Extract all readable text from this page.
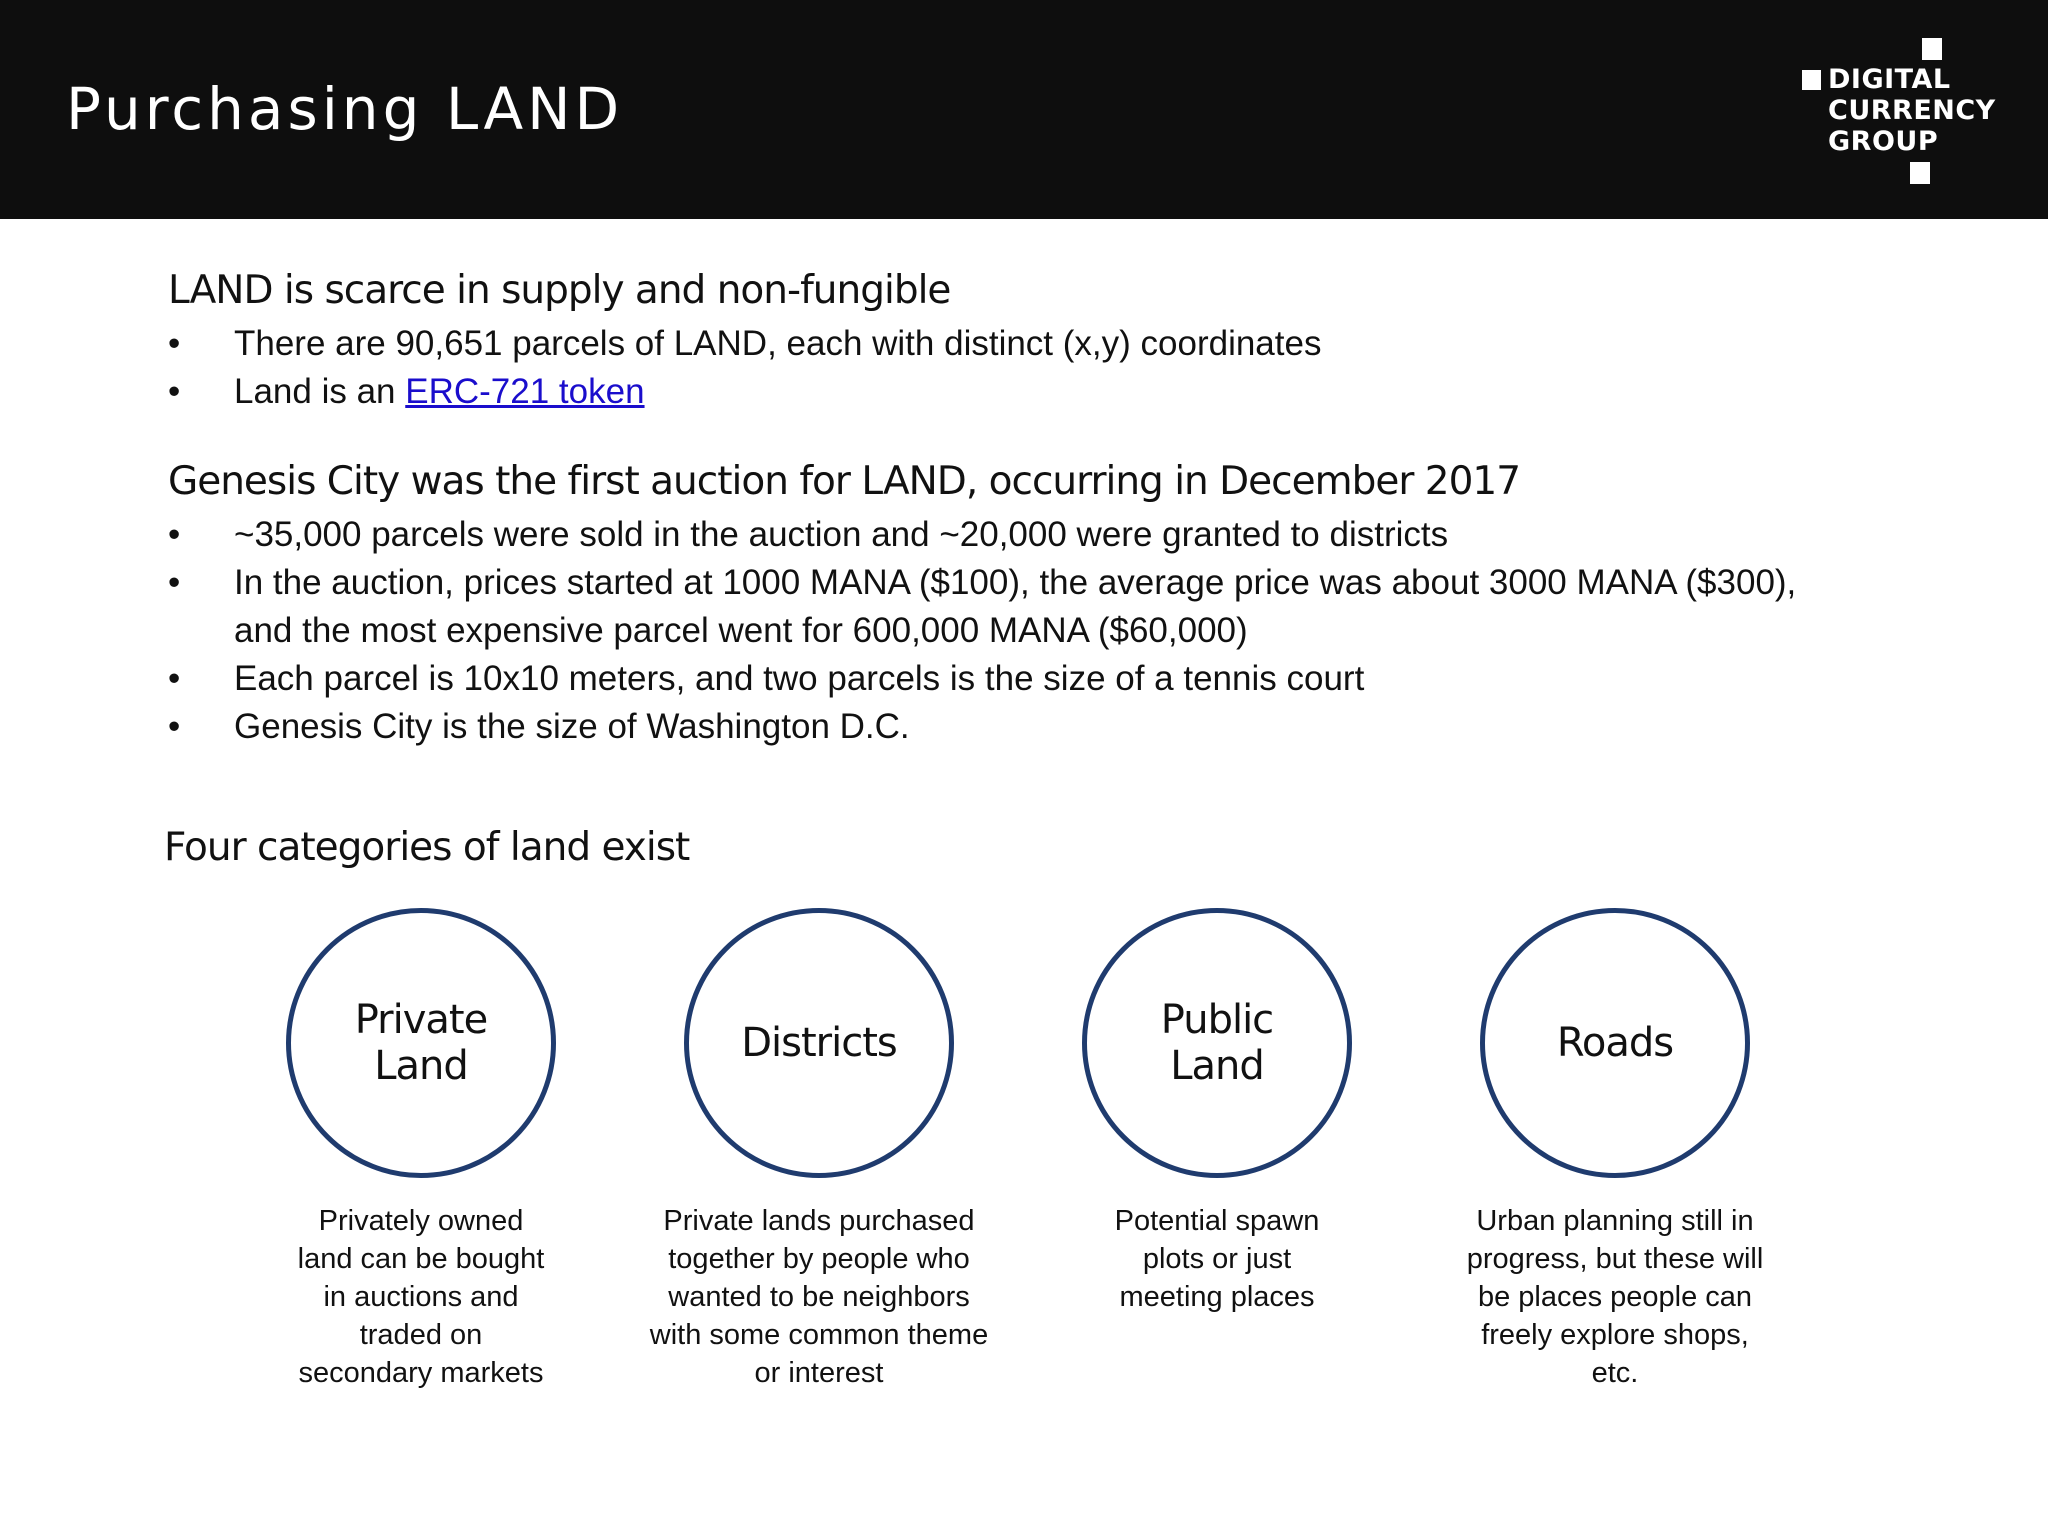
Purchasing LAND	DIGITAL
CURRENCY
GROUP
LAND is scarce in supply and non-fungible
• There are 90,651 parcels of LAND, each with distinct (x,y) coordinates
• Land is an ERC-721 token
Genesis City was the first auction for LAND, occurring in December 2017
• ~35,000 parcels were sold in the auction and ~20,000 were granted to districts
• In the auction, prices started at 1000 MANA ($100), the average price was about 3000 MANA ($300),
and the most expensive parcel went for 600,000 MANA ($60,000)
• Each parcel is 10x10 meters, and two parcels is the size of a tennis court
• Genesis City is the size of Washington D.C.
Four categories of land exist
Private
Land
Privately owned land can be bought in auctions and traded on secondary markets
Districts
Private lands purchased together by people who wanted to be neighbors with some common theme or interest
Public
Land
Potential spawn plots or just meeting places
Roads
Urban planning still in progress, but these will be places people can freely explore shops, etc.
